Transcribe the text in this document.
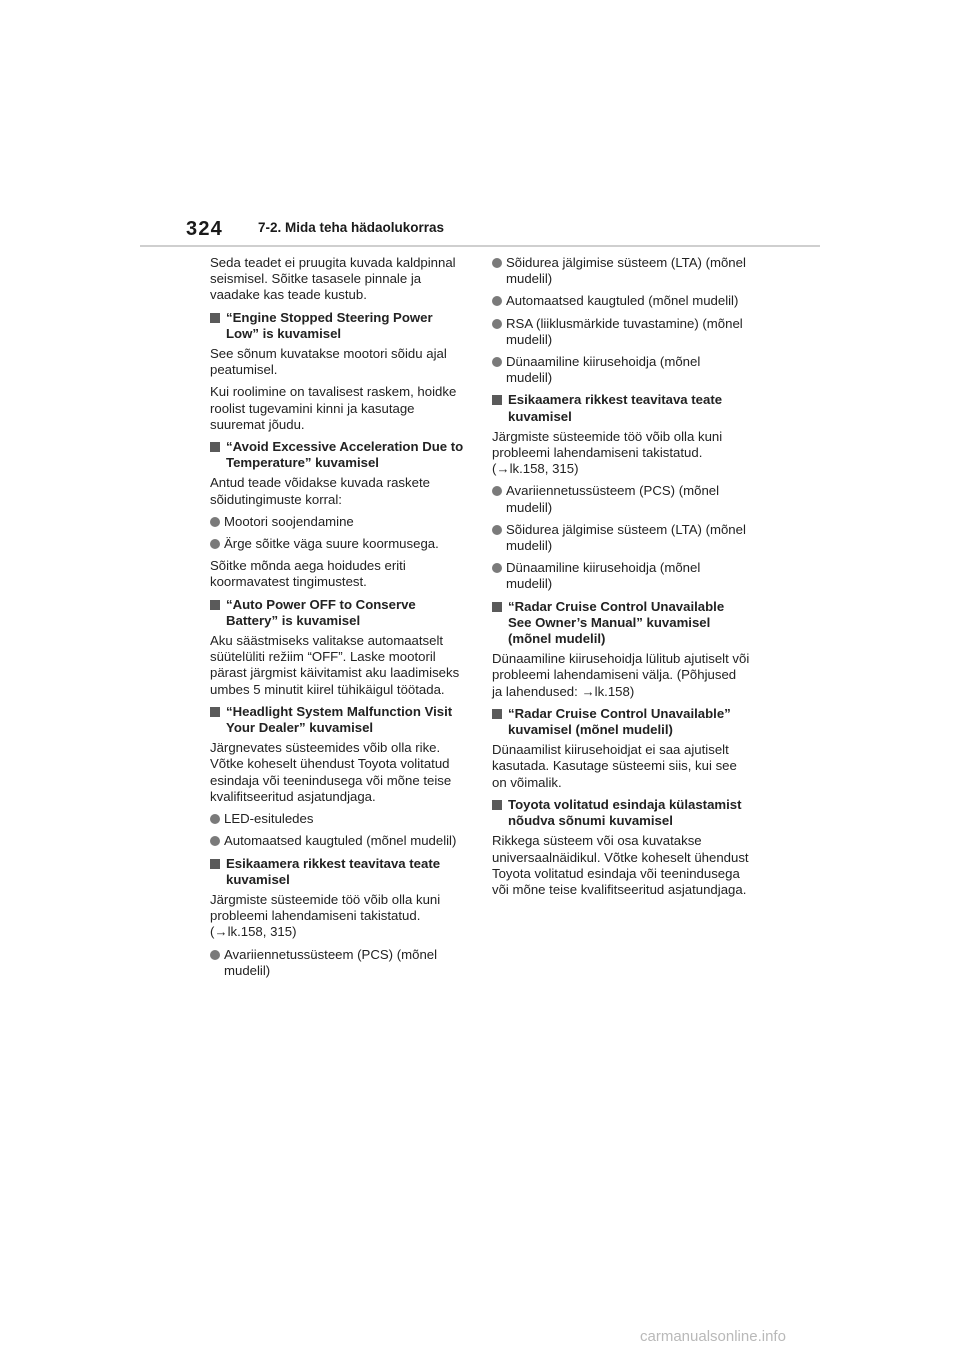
324	7-2. Mida teha hädaolukorras

Seda teadet ei pruugita kuvada kaldpinnal seismisel. Sõitke tasasele pinnale ja vaadake kas teade kustub.

“Engine Stopped Steering Power Low” is kuvamisel

See sõnum kuvatakse mootori sõidu ajal peatumisel.

Kui roolimine on tavalisest raskem, hoidke roolist tugevamini kinni ja kasutage suuremat jõudu.

“Avoid Excessive Acceleration Due to Temperature” kuvamisel

Antud teade võidakse kuvada raskete sõidutingimuste korral:

Mootori soojendamine
Ärge sõitke väga suure koormusega.

Sõitke mõnda aega hoidudes eriti koormavatest tingimustest.

“Auto Power OFF to Conserve Battery” is kuvamisel

Aku säästmiseks valitakse automaatselt süütelüliti režiim “OFF”. Laske mootoril pärast järgmist käivitamist aku laadimiseks umbes 5 minutit kiirel tühikäigul töötada.

“Headlight System Malfunction Visit Your Dealer” kuvamisel

Järgnevates süsteemides võib olla rike. Võtke koheselt ühendust Toyota volitatud esindaja või teenindusega või mõne teise kvalifitseeritud asjatundjaga.

LED-esituledes
Automaatsed kaugtuled (mõnel mudelil)
Esikaamera rikkest teavitava teate kuvamisel

Järgmiste süsteemide töö võib olla kuni probleemi lahendamiseni takistatud. (→lk.158, 315)

Avariiennetussüsteem (PCS) (mõnel mudelil)
Sõidurea jälgimise süsteem (LTA) (mõnel mudelil)
Automaatsed kaugtuled (mõnel mudelil)
RSA (liiklusmärkide tuvastamine) (mõnel mudelil)
Dünaamiline kiirusehoidja (mõnel mudelil)
Esikaamera rikkest teavitava teate kuvamisel

Järgmiste süsteemide töö võib olla kuni probleemi lahendamiseni takistatud. (→lk.158, 315)

Avariiennetussüsteem (PCS) (mõnel mudelil)
Sõidurea jälgimise süsteem (LTA) (mõnel mudelil)
Dünaamiline kiirusehoidja (mõnel mudelil)
“Radar Cruise Control Unavailable See Owner’s Manual” kuvamisel (mõnel mudelil)

Dünaamiline kiirusehoidja lülitub ajutiselt või probleemi lahendamiseni välja. (Põhjused ja lahendused: →lk.158)

“Radar Cruise Control Unavailable” kuvamisel (mõnel mudelil)

Dünaamilist kiirusehoidjat ei saa ajutiselt kasutada. Kasutage süsteemi siis, kui see on võimalik.

Toyota volitatud esindaja külastamist nõudva sõnumi kuvamisel

Rikkega süsteem või osa kuvatakse universaalnäidikul. Võtke koheselt ühendust Toyota volitatud esindaja või teenindusega või mõne teise kvalifitseeritud asjatundjaga.

carmanualsonline.info
